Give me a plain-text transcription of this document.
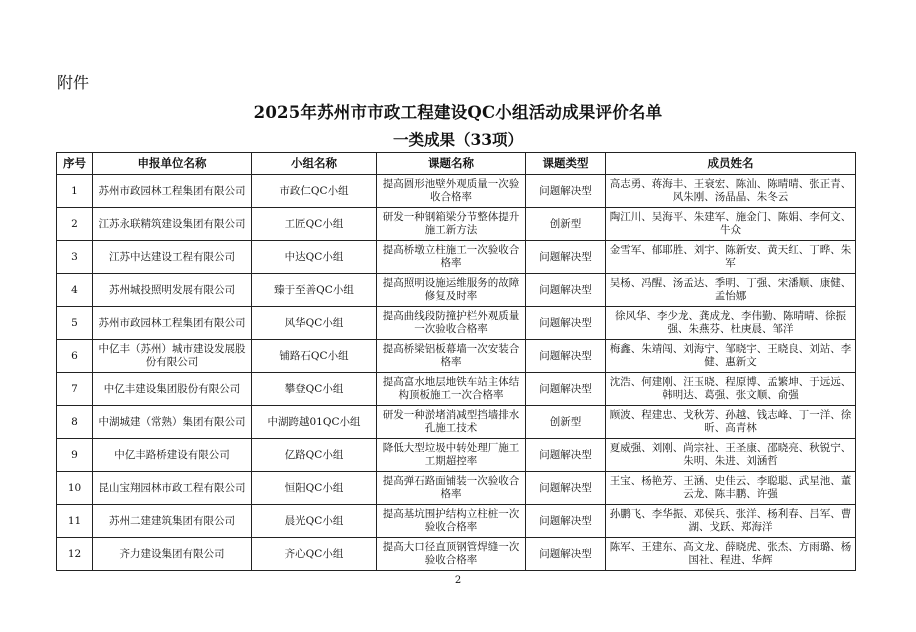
附件
2025年苏州市市政工程建设QC小组活动成果评价名单
一类成果（33项）
序号	申报单位名称	小组名称	课题名称	课题类型	成员姓名
1	苏州市政园林工程集团有限公司	市政仁QC小组	提高圆形池壁外观质量一次验收合格率	问题解决型	高志勇、蒋海丰、王衰宏、陈汕、陈晴晴、张正青、风朱刚、汤晶晶、朱冬云
2	江苏永联精筑建设集团有限公司	工匠QC小组	研发一种钢箱梁分节整体提升施工新方法	创新型	陶江川、吴海平、朱建军、施金门、陈娟、李何文、牛众
3	江苏中达建设工程有限公司	中达QC小组	提高桥墩立柱施工一次验收合格率	问题解决型	金雪军、郁耶胜、刘宇、陈新安、黄天红、丁晔、朱军
4	苏州城投照明发展有限公司	臻于至善QC小组	提高照明设施运维服务的故障修复及时率	问题解决型	吴杨、冯醒、汤孟达、季明、丁强、宋潘顺、康健、孟怡娜
5	苏州市政园林工程集团有限公司	风华QC小组	提高曲线段防撞护栏外观质量一次验收合格率	问题解决型	徐风华、李少龙、龚成龙、李伟勤、陈晴晴、徐振强、朱燕芬、杜庚晨、邹洋
6	中亿丰（苏州）城市建设发展股份有限公司	铺路石QC小组	提高桥梁铝板幕墙一次安装合格率	问题解决型	梅鑫、朱靖闯、刘海宁、邹晓宇、王晓良、刘站、李健、惠新文
7	中亿丰建设集团股份有限公司	攀登QC小组	提高富水地层地铁车站主体结构顶板施工一次合格率	问题解决型	沈浩、何建刚、汪玉晓、程原博、孟繁坤、于远远、韩明达、葛强、张文顺、俞强
8	中湖城建（常熟）集团有限公司	中湖跨越01QC小组	研发一种淤堵消减型挡墙排水孔施工技术	创新型	顾波、程建忠、戈秋芳、孙越、钱志峰、丁一洋、徐昕、高青林
9	中亿丰路桥建设有限公司	亿路QC小组	降低大型垃圾中转处理厂施工工期超控率	问题解决型	夏威强、刘刚、尚宗社、王圣康、邵晓亮、秋锐宁、朱明、朱进、刘涵哲
10	昆山宝翔园林市政工程有限公司	恒阳QC小组	提高弹石路面铺装一次验收合格率	问题解决型	王宝、杨艳芳、王涵、史佳云、李聪聪、武星池、董云龙、陈丰鹏、许强
11	苏州二建建筑集团有限公司	晨光QC小组	提高基坑围护结构立柱桩一次验收合格率	问题解决型	孙鹏飞、李华振、邓侯兵、张洋、杨利春、吕军、曹湖、戈跃、郑海洋
12	齐力建设集团有限公司	齐心QC小组	提高大口径直顶钢管焊缝一次验收合格率	问题解决型	陈军、王建东、高文龙、薛晓虎、张杰、方雨璐、杨国社、程进、华辉
2
